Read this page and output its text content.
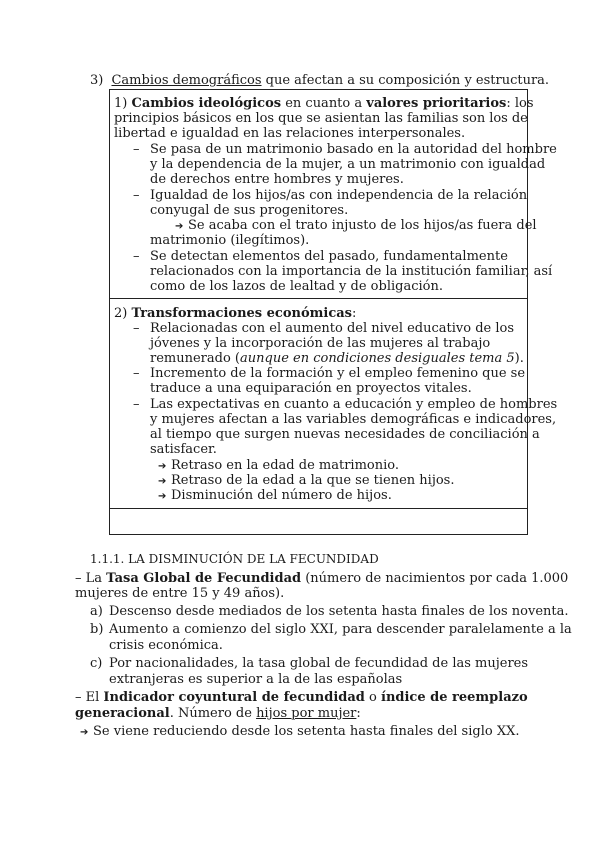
3) Cambios demográficos que afectan a su composición y estructura.
1) Cambios ideológicos en cuanto a valores prioritarios: los
principios básicos en los que se asientan las familias son los de
libertad e igualdad en las relaciones interpersonales.
– Se pasa de un matrimonio basado en la autoridad del hombre
y la dependencia de la mujer, a un matrimonio con igualdad
de derechos entre hombres y mujeres.
– Igualdad de los hijos/as con independencia de la relación
conyugal de sus progenitores.
➔ Se acaba con el trato injusto de los hijos/as fuera del
matrimonio (ilegítimos).
– Se detectan elementos del pasado, fundamentalmente
relacionados con la importancia de la institución familiar, así
como de los lazos de lealtad y de obligación.
2) Transformaciones económicas:
– Relacionadas con el aumento del nivel educativo de los
jóvenes y la incorporación de las mujeres al trabajo
remunerado (aunque en condiciones desiguales tema 5).
– Incremento de la formación y el empleo femenino que se
traduce a una equiparación en proyectos vitales.
– Las expectativas en cuanto a educación y empleo de hombres
y mujeres afectan a las variables demográficas e indicadores,
al tiempo que surgen nuevas necesidades de conciliación a
satisfacer.
➔ Retraso en la edad de matrimonio.
➔ Retraso de la edad a la que se tienen hijos.
➔ Disminución del número de hijos.
1.1.1. LA DISMINUCIÓN DE LA FECUNDIDAD
– La Tasa Global de Fecundidad (número de nacimientos por cada 1.000
mujeres de entre 15 y 49 años).
a) Descenso desde mediados de los setenta hasta finales de los noventa.
b) Aumento a comienzo del siglo XXI, para descender paralelamente a la
crisis económica.
c) Por nacionalidades, la tasa global de fecundidad de las mujeres
extranjeras es superior a la de las españolas
– El Indicador coyuntural de fecundidad o índice de reemplazo
generacional. Número de hijos por mujer:
➔ Se viene reduciendo desde los setenta hasta finales del siglo XX.
